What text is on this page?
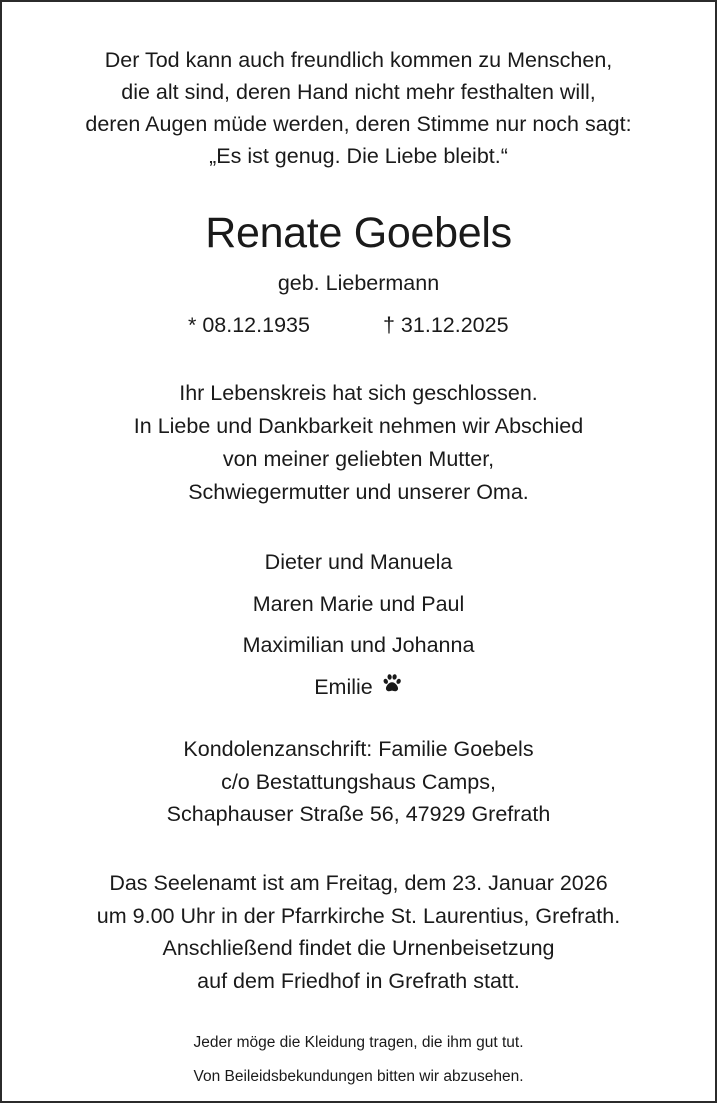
Der Tod kann auch freundlich kommen zu Menschen,
die alt sind, deren Hand nicht mehr festhalten will,
deren Augen müde werden, deren Stimme nur noch sagt:
„Es ist genug. Die Liebe bleibt.“
Renate Goebels
geb. Liebermann
* 08.12.1935	† 31.12.2025
Ihr Lebenskreis hat sich geschlossen.
In Liebe und Dankbarkeit nehmen wir Abschied
von meiner geliebten Mutter,
Schwiegermutter und unserer Oma.
Dieter und Manuela
Maren Marie und Paul
Maximilian und Johanna
Emilie
Kondolenzanschrift: Familie Goebels
c/o Bestattungshaus Camps,
Schaphauser Straße 56, 47929 Grefrath
Das Seelenamt ist am Freitag, dem 23. Januar 2026
um 9.00 Uhr in der Pfarrkirche St. Laurentius, Grefrath.
Anschließend findet die Urnenbeisetzung
auf dem Friedhof in Grefrath statt.
Jeder möge die Kleidung tragen, die ihm gut tut.
Von Beileidsbekundungen bitten wir abzusehen.
